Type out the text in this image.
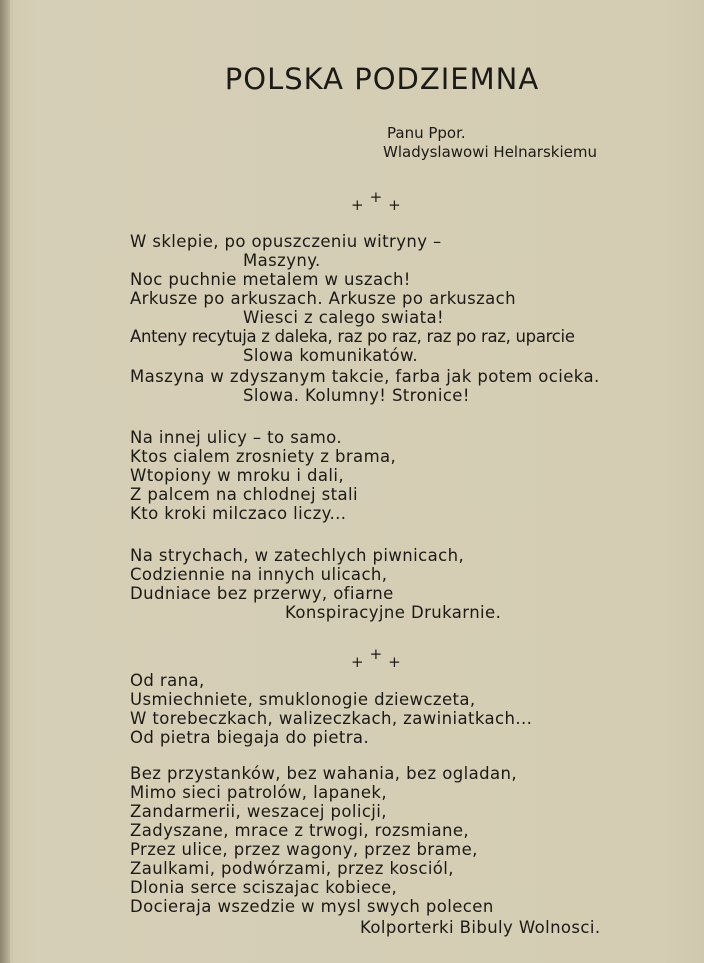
POLSKA PODZIEMNA
Panu Ppor.
Wladyslawowi Helnarskiemu
+++
W sklepie, po opuszczeniu witryny –
Maszyny.
Noc puchnie metalem w uszach!
Arkusze po arkuszach. Arkusze po arkuszach
Wiesci z calego swiata!
Anteny recytuja z daleka, raz po raz, raz po raz, uparcie
Slowa komunikatów.
Maszyna w zdyszanym takcie, farba jak potem ocieka.
Slowa. Kolumny! Stronice!
Na innej ulicy – to samo.
Ktos cialem zrosniety z brama,
Wtopiony w mroku i dali,
Z palcem na chlodnej stali
Kto kroki milczaco liczy...
Na strychach, w zatechlych piwnicach,
Codziennie na innych ulicach,
Dudniace bez przerwy, ofiarne
Konspiracyjne Drukarnie.
+++
Od rana,
Usmiechniete, smuklonogie dziewczeta,
W torebeczkach, walizeczkach, zawiniatkach...
Od pietra biegaja do pietra.
Bez przystanków, bez wahania, bez ogladan,
Mimo sieci patrolów, lapanek,
Zandarmerii, weszacej policji,
Zadyszane, mrace z trwogi, rozsmiane,
Przez ulice, przez wagony, przez brame,
Zaulkami, podwórzami, przez kosciól,
Dlonia serce sciszajac kobiece,
Docieraja wszedzie w mysl swych polecen
Kolporterki Bibuly Wolnosci.
